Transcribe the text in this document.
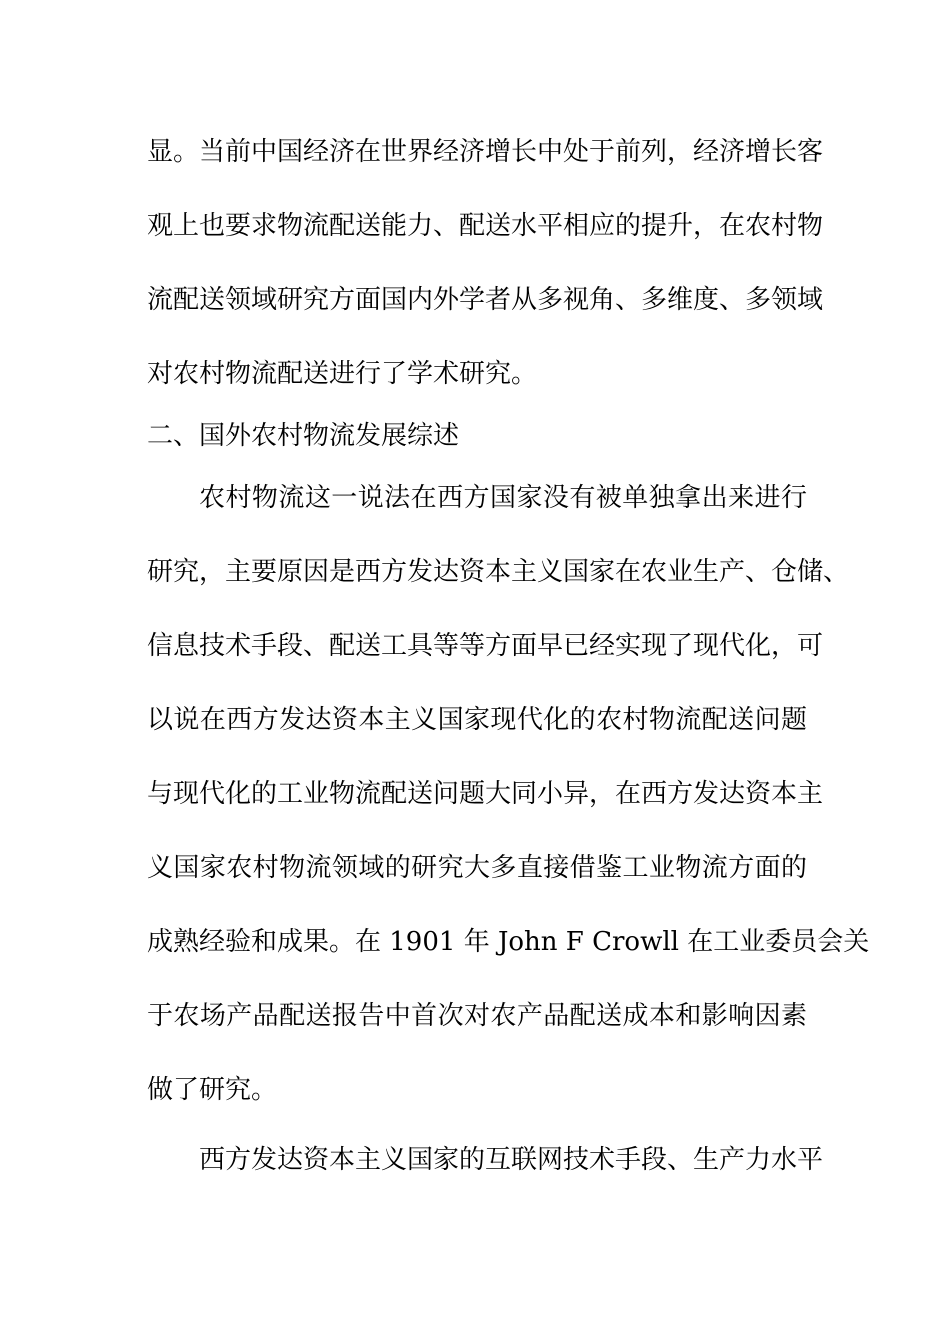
显。当前中国经济在世界经济增长中处于前列，经济增长客
观上也要求物流配送能力、配送水平相应的提升，在农村物
流配送领域研究方面国内外学者从多视角、多维度、多领域
对农村物流配送进行了学术研究。
二、国外农村物流发展综述
农村物流这一说法在西方国家没有被单独拿出来进行
研究，主要原因是西方发达资本主义国家在农业生产、仓储、
信息技术手段、配送工具等等方面早已经实现了现代化，可
以说在西方发达资本主义国家现代化的农村物流配送问题
与现代化的工业物流配送问题大同小异，在西方发达资本主
义国家农村物流领域的研究大多直接借鉴工业物流方面的
成熟经验和成果。在 1901 年 John F Crowll 在工业委员会关
于农场产品配送报告中首次对农产品配送成本和影响因素
做了研究。
西方发达资本主义国家的互联网技术手段、生产力水平
